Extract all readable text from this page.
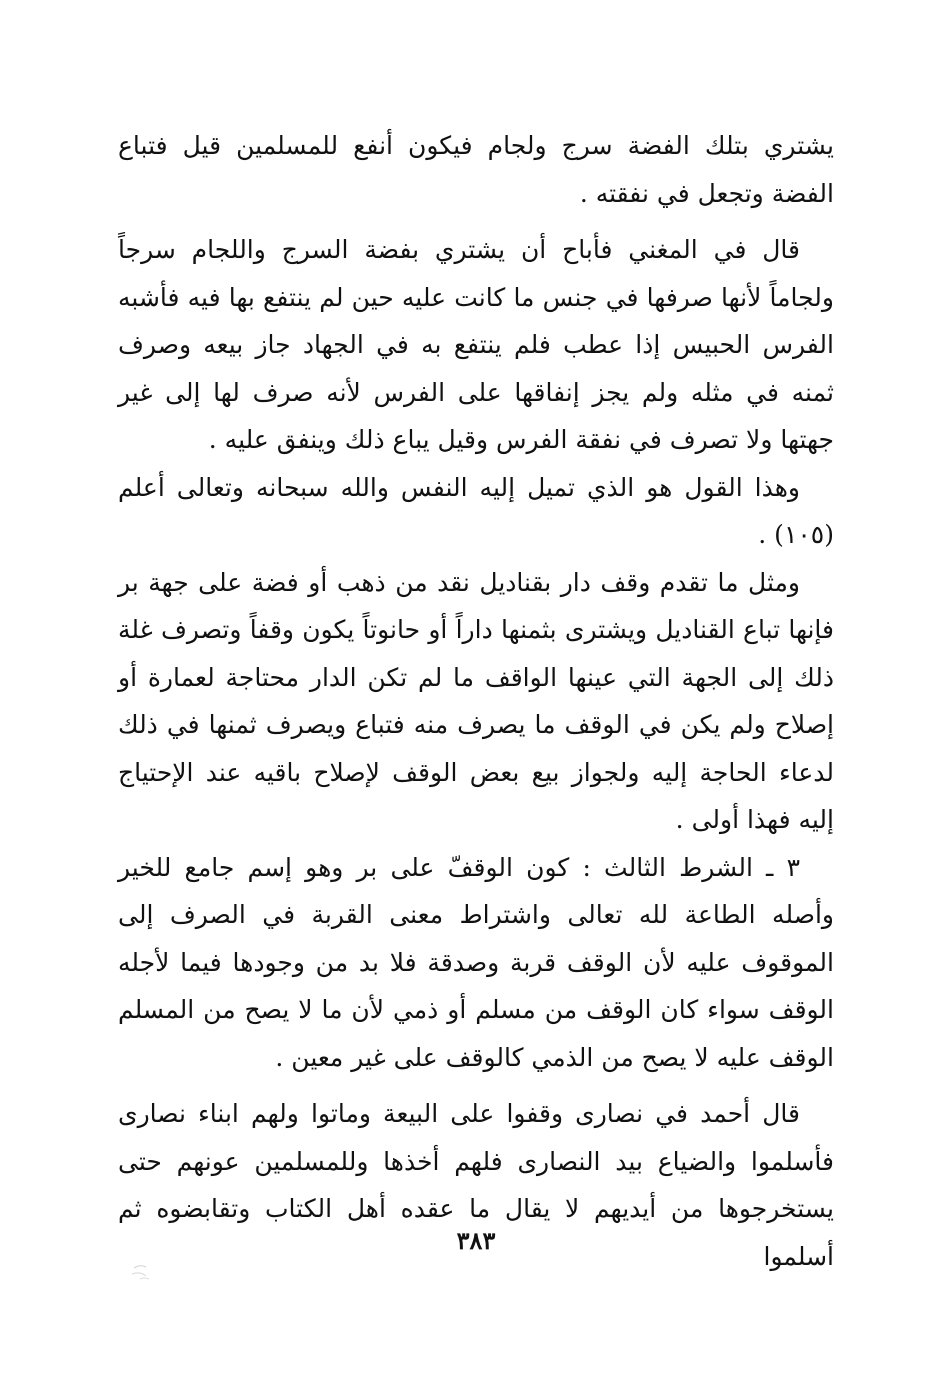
يشتري بتلك الفضة سرج ولجام فيكون أنفع للمسلمين قيل فتباع الفضة وتجعل في نفقته .

قال في المغني فأباح أن يشتري بفضة السرج واللجام سرجاً ولجاماً لأنها صرفها في جنس ما كانت عليه حين لم ينتفع بها فيه فأشبه الفرس الحبيس إذا عطب فلم ينتفع به في الجهاد جاز بيعه وصرف ثمنه في مثله ولم يجز إنفاقها على الفرس لأنه صرف لها إلى غير جهتها ولا تصرف في نفقة الفرس وقيل يباع ذلك وينفق عليه .

وهذا القول هو الذي تميل إليه النفس والله سبحانه وتعالى أعلم (١٠٥) .

ومثل ما تقدم وقف دار بقناديل نقد من ذهب أو فضة على جهة بر فإنها تباع القناديل ويشترى بثمنها داراً أو حانوتاً يكون وقفاً وتصرف غلة ذلك إلى الجهة التي عينها الواقف ما لم تكن الدار محتاجة لعمارة أو إصلاح ولم يكن في الوقف ما يصرف منه فتباع ويصرف ثمنها في ذلك لدعاء الحاجة إليه ولجواز بيع بعض الوقف لإصلاح باقيه عند الإحتياج إليه فهذا أولى .

٣ ـ الشرط الثالث : كون الوقفّ على بر وهو إسم جامع للخير وأصله الطاعة لله تعالى واشتراط معنى القربة في الصرف إلى الموقوف عليه لأن الوقف قربة وصدقة فلا بد من وجودها فيما لأجله الوقف سواء كان الوقف من مسلم أو ذمي لأن ما لا يصح من المسلم الوقف عليه لا يصح من الذمي كالوقف على غير معين .

قال أحمد في نصارى وقفوا على البيعة وماتوا ولهم ابناء نصارى فأسلموا والضياع بيد النصارى فلهم أخذها وللمسلمين عونهم حتى يستخرجوها من أيديهم لا يقال ما عقده أهل الكتاب وتقابضوه ثم أسلموا

٣٨٣
